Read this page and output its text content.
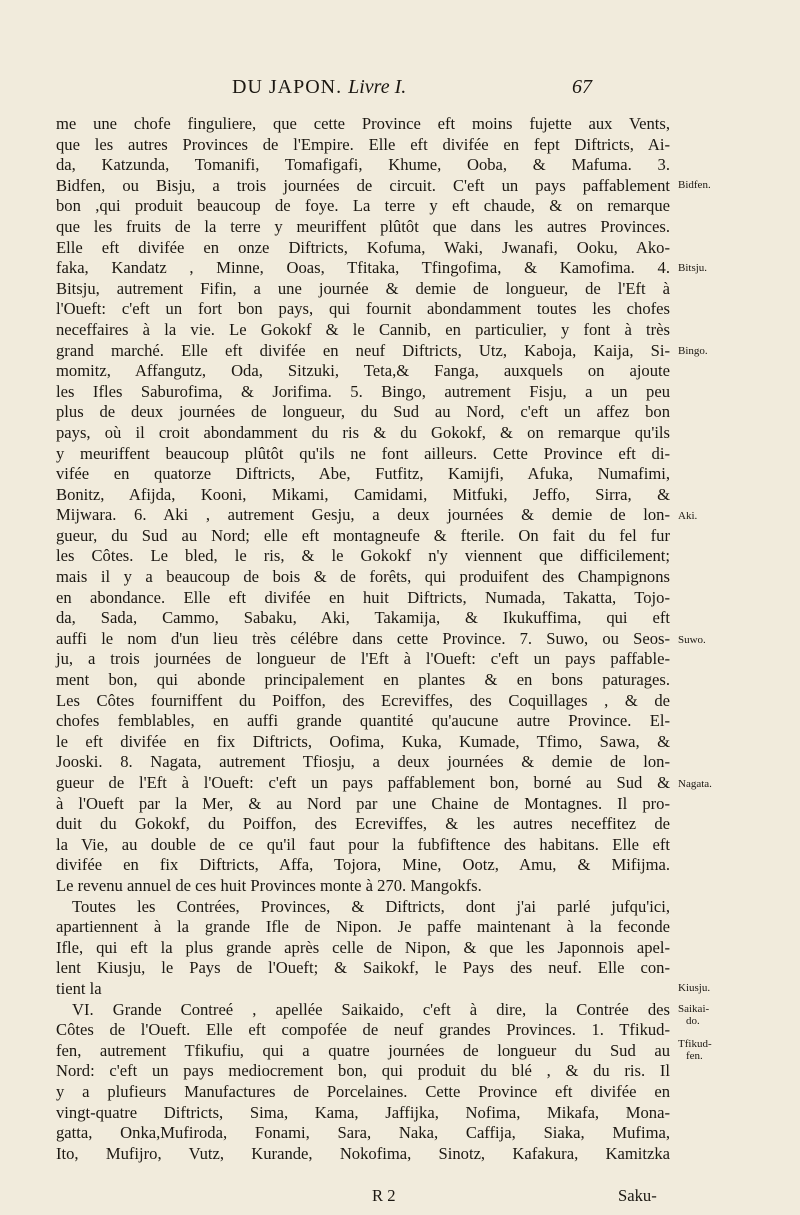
DU JAPON. Livre I.	67
me une chofe finguliere, que cette Province eft moins fujette aux Vents,
que les autres Provinces de l'Empire. Elle eft divifée en fept Diftricts, Ai-
da, Katzunda, Tomanifi, Tomafigafi, Khume, Ooba, & Mafuma. 3.
Bidfen, ou Bisju, a trois journées de circuit. C'eft un pays paffablement
bon ,qui produit beaucoup de foye. La terre y eft chaude, & on remarque
que les fruits de la terre y meuriffent plûtôt que dans les autres Provinces.
Elle eft divifée en onze Diftricts, Kofuma, Waki, Jwanafi, Ooku, Ako-
faka, Kandatz , Minne, Ooas, Tfitaka, Tfingofima, & Kamofima. 4.
Bitsju, autrement Fifin, a une journée & demie de longueur, de l'Eft à
l'Oueft: c'eft un fort bon pays, qui fournit abondamment toutes les chofes
neceffaires à la vie. Le Gokokf & le Cannib, en particulier, y font à très
grand marché. Elle eft divifée en neuf Diftricts, Utz, Kaboja, Kaija, Si-
momitz, Affangutz, Oda, Sitzuki, Teta,& Fanga, auxquels on ajoute
les Ifles Saburofima, & Jorifima. 5. Bingo, autrement Fisju, a un peu
plus de deux journées de longueur, du Sud au Nord, c'eft un affez bon
pays, où il croit abondamment du ris & du Gokokf, & on remarque qu'ils
y meuriffent beaucoup plûtôt qu'ils ne font ailleurs. Cette Province eft di-
vifée en quatorze Diftricts, Abe, Futfitz, Kamijfi, Afuka, Numafimi,
Bonitz, Afijda, Kooni, Mikami, Camidami, Mitfuki, Jeffo, Sirra, &
Mijwara. 6. Aki , autrement Gesju, a deux journées & demie de lon-
gueur, du Sud au Nord; elle eft montagneufe & fterile. On fait du fel fur
les Côtes. Le bled, le ris, & le Gokokf n'y viennent que difficilement;
mais il y a beaucoup de bois & de forêts, qui produifent des Champignons
en abondance. Elle eft divifée en huit Diftricts, Numada, Takatta, Tojo-
da, Sada, Cammo, Sabaku, Aki, Takamija, & Ikukuffima, qui eft
auffi le nom d'un lieu très célébre dans cette Province. 7. Suwo, ou Seos-
ju, a trois journées de longueur de l'Eft à l'Oueft: c'eft un pays paffable-
ment bon, qui abonde principalement en plantes & en bons paturages.
Les Côtes fourniffent du Poiffon, des Ecreviffes, des Coquillages , & de
chofes femblables, en auffi grande quantité qu'aucune autre Province. El-
le eft divifée en fix Diftricts, Oofima, Kuka, Kumade, Tfimo, Sawa, &
Jooski. 8. Nagata, autrement Tfiosju, a deux journées & demie de lon-
gueur de l'Eft à l'Oueft: c'eft un pays paffablement bon, borné au Sud &
à l'Oueft par la Mer, & au Nord par une Chaine de Montagnes. Il pro-
duit du Gokokf, du Poiffon, des Ecreviffes, & les autres neceffitez de
la Vie, au double de ce qu'il faut pour la fubfiftence des habitans. Elle eft
divifée en fix Diftricts, Affa, Tojora, Mine, Ootz, Amu, & Mifijma.
Le revenu annuel de ces huit Provinces monte à 270. Mangokfs.
Toutes les Contrées, Provinces, & Diftricts, dont j'ai parlé jufqu'ici,
apartiennent à la grande Ifle de Nipon. Je paffe maintenant à la feconde
Ifle, qui eft la plus grande après celle de Nipon, & que les Japonnois apel-
lent Kiusju, le Pays de l'Oueft; & Saikokf, le Pays des neuf. Elle con-
tient la
VI. Grande Contreé , apellée Saikaido, c'eft à dire, la Contrée des
Côtes de l'Oueft. Elle eft compofée de neuf grandes Provinces. 1. Tfikud-
fen, autrement Tfikufiu, qui a quatre journées de longueur du Sud au
Nord: c'eft un pays mediocrement bon, qui produit du blé , & du ris. Il
y a plufieurs Manufactures de Porcelaines. Cette Province eft divifée en
vingt-quatre Diftricts, Sima, Kama, Jaffijka, Nofima, Mikafa, Mona-
gatta, Onka,Mufiroda, Fonami, Sara, Naka, Caffija, Siaka, Mufima,
Ito, Mufijro, Vutz, Kurande, Nokofima, Sinotz, Kafakura, Kamitzka
Bidfen.
Bitsju.
Bingo.
Aki.
Suwo.
Nagata.
Kiusju.
Saikai-
do.
Tfikud-
fen.
R 2	Saku-
